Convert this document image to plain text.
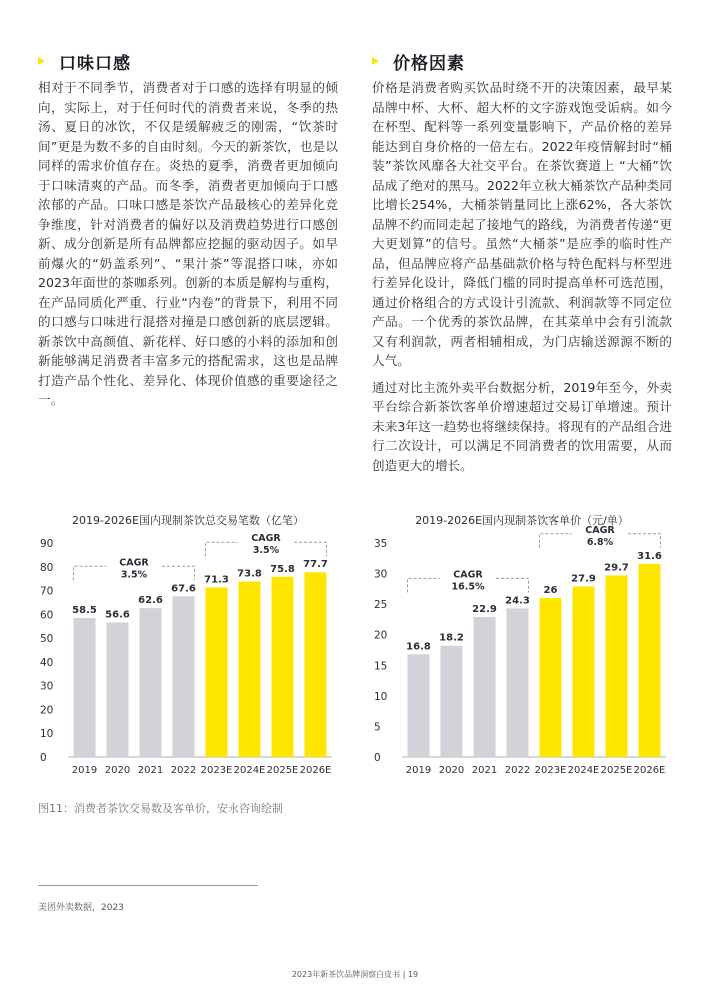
口味口感

相对于不同季节，消费者对于口感的选择有明显的倾向，实际上，对于任何时代的消费者来说，冬季的热汤、夏日的冰饮，不仅是缓解疲乏的刚需，“饮茶时间”更是为数不多的自由时刻。今天的新茶饮，也是以同样的需求价值存在。炎热的夏季，消费者更加倾向于口味清爽的产品。而冬季，消费者更加倾向于口感浓郁的产品。口味口感是茶饮产品最核心的差异化竞争维度，针对消费者的偏好以及消费趋势进行口感创新、成分创新是所有品牌都应挖掘的驱动因子。如早前爆火的“奶盖系列”、“果汁茶”等混搭口味，亦如2023年面世的茶咖系列。创新的本质是解构与重构，在产品同质化严重、行业“内卷”的背景下，利用不同的口感与口味进行混搭对撞是口感创新的底层逻辑。 新茶饮中高颜值、新花样、好口感的小料的添加和创新能够满足消费者丰富多元的搭配需求，这也是品牌打造产品个性化、差异化、体现价值感的重要途径之一。

价格因素

价格是消费者购买饮品时绕不开的决策因素，最早某品牌中杯、大杯、超大杯的文字游戏饱受诟病。如今在杯型、配料等一系列变量影响下，产品价格的差异能达到自身价格的一倍左右。2022年疫情解封时“桶装”茶饮风靡各大社交平台。在茶饮赛道上 “大桶”饮品成了绝对的黑马。2022年立秋大桶茶饮产品种类同比增长254%，大桶茶销量同比上涨62%，各大茶饮品牌不约而同走起了接地气的路线，为消费者传递“更大更划算”的信号。虽然“大桶茶”是应季的临时性产品，但品牌应将产品基础款价格与特色配料与杯型进行差异化设计，降低门槛的同时提高单杯可选范围，通过价格组合的方式设计引流款、利润款等不同定位产品。一个优秀的茶饮品牌，在其菜单中会有引流款又有利润款，两者相辅相成，为门店输送源源不断的人气。

通过对比主流外卖平台数据分析，2019年至今，外卖平台综合新茶饮客单价增速超过交易订单增速。预计未来3年这一趋势也将继续保持。将现有的产品组合进行二次设计，可以满足不同消费者的饮用需要，从而创造更大的增长。

2019-2026E国内现制茶饮总交易笔数（亿笔）
0
10
20
30
40
50
60
70
80
90
58.5
2019
56.6
2020
62.6
2021
67.6
2022
71.3
2023E
73.8
2024E
75.8
2025E
77.7
2026E
CAGR
3.5%
CAGR
3.5%
2019-2026E国内现制茶饮客单价（元/单）
0
5
10
15
20
25
30
35
16.8
2019
18.2
2020
22.9
2021
24.3
2022
26
2023E
27.9
2024E
29.7
2025E
31.6
2026E
CAGR
16.5%
CAGR
6.8%
图11：消费者茶饮交易数及客单价，安永咨询绘制
美团外卖数据，2023
2023年新茶饮品牌洞察白皮书 | 19
